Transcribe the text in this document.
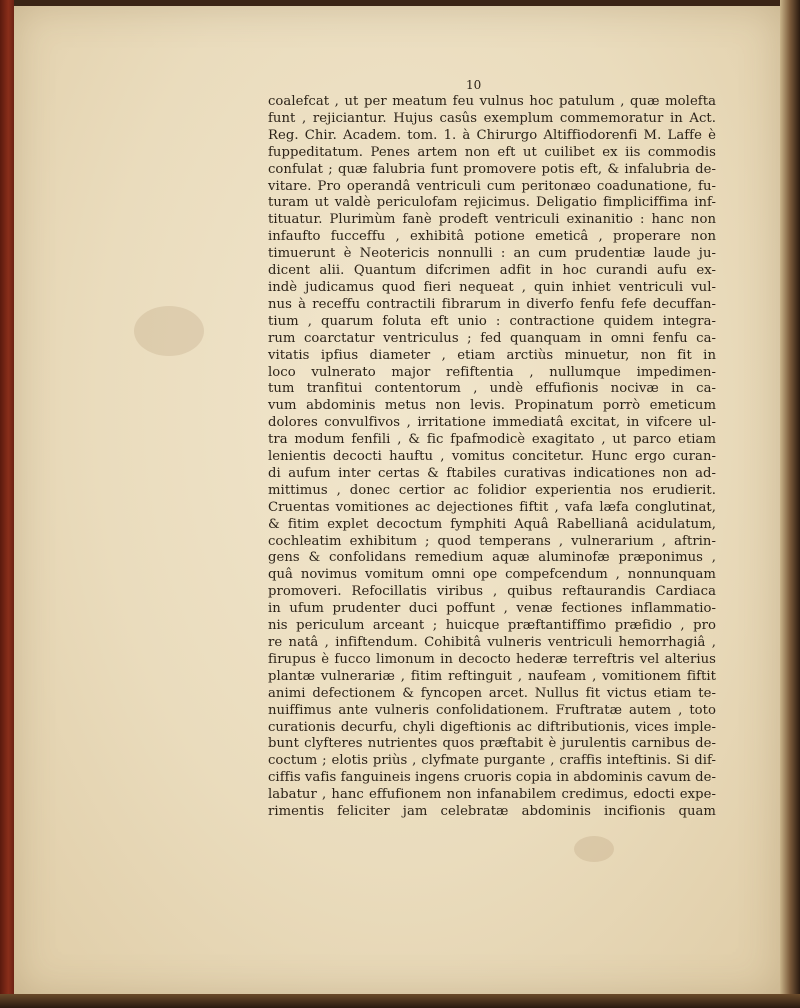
10
coalefcat , ut per meatum feu vulnus hoc patulum , quæ molefta
funt , rejiciantur. Hujus casûs exemplum commemoratur in Act.
Reg. Chir. Academ. tom. 1. à Chirurgo Altiffiodorenfi M. Laffe è
fuppeditatum. Penes artem non eft ut cuilibet ex iis commodis
confulat ; quæ falubria funt promovere potis eft, & infalubria de-
vitare. Pro operandâ ventriculi cum peritonæo coadunatione, fu-
turam ut valdè periculofam rejicimus. Deligatio fimpliciffima inf-
tituatur. Plurimùm fanè prodeft ventriculi exinanitio : hanc non
infaufto fucceffu , exhibitâ potione emeticâ , properare non
timuerunt è Neotericis nonnulli : an cum prudentiæ laude ju-
dicent alii. Quantum difcrimen adfit in hoc curandi aufu ex-
indè judicamus quod fieri nequeat , quin inhiet ventriculi vul-
nus à receffu contractili fibrarum in diverfo fenfu fefe decuffan-
tium , quarum foluta eft unio : contractione quidem integra-
rum coarctatur ventriculus ; fed quanquam in omni fenfu ca-
vitatis ipfius diameter , etiam arctiùs minuetur, non fit in
loco vulnerato major refiftentia , nullumque impedimen-
tum tranfitui contentorum , undè effufionis nocivæ in ca-
vum abdominis metus non levis. Propinatum porrò emeticum
dolores convulfivos , irritatione immediatâ excitat, in vifcere ul-
tra modum fenfili , & fic fpafmodicè exagitato , ut parco etiam
lenientis decocti hauftu , vomitus concitetur. Hunc ergo curan-
di aufum inter certas & ftabiles curativas indicationes non ad-
mittimus , donec certior ac folidior experientia nos erudierit.
Cruentas vomitiones ac dejectiones fiftit , vafa læfa conglutinat,
& fitim explet decoctum fymphiti Aquâ Rabellianâ acidulatum,
cochleatim exhibitum ; quod temperans , vulnerarium , aftrin-
gens & confolidans remedium aquæ aluminofæ præponimus ,
quâ novimus vomitum omni ope compefcendum , nonnunquam
promoveri. Refocillatis viribus , quibus reftaurandis Cardiaca
in ufum prudenter duci poffunt , venæ fectiones inflammatio-
nis periculum arceant ; huicque præftantiffimo præfidio , pro
re natâ , infiftendum. Cohibitâ vulneris ventriculi hemorrhagiâ ,
firupus è fucco limonum in decocto hederæ terreftris vel alterius
plantæ vulnerariæ , fitim reftinguit , naufeam , vomitionem fiftit
animi defectionem & fyncopen arcet. Nullus fit victus etiam te-
nuiffimus ante vulneris confolidationem. Fruftratæ autem , toto
curationis decurfu, chyli digeftionis ac diftributionis, vices imple-
bunt clyfteres nutrientes quos præftabit è jurulentis carnibus de-
coctum ; elotis priùs , clyfmate purgante , craffis inteftinis. Si dif-
ciffis vafis fanguineis ingens cruoris copia in abdominis cavum de-
labatur , hanc effufionem non infanabilem credimus, edocti expe-
rimentis feliciter jam celebratæ abdominis incifionis quam
